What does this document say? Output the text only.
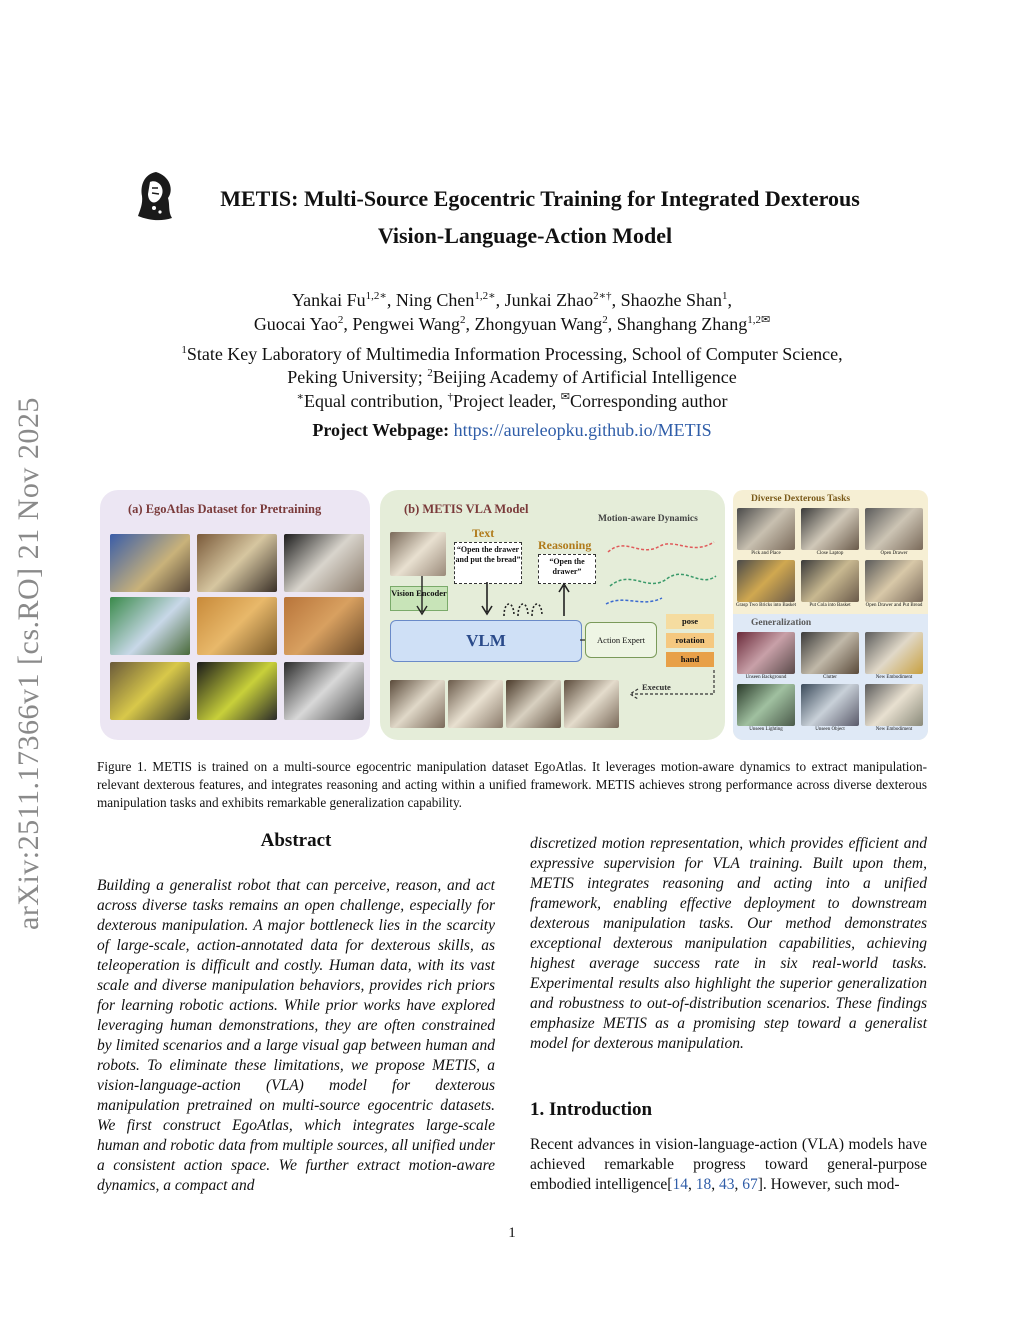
arXiv:2511.17366v1 [cs.RO] 21 Nov 2025
METIS: Multi-Source Egocentric Training for Integrated Dexterous
Vision-Language-Action Model
Yankai $Fu^{1,2∗}$, Ning Chen$^{1,2∗}$, Junkai Zhao$^{2∗\dagger}$, Shaozhe Shan$^1$,
Guocai Yao$^2$, Pengwei Wang$^2$, Zhongyuan Wang$^2$, Shanghang Zhang$^{1,2✉}$
$^1$State Key Laboratory of Multimedia Information Processing, School of Computer Science,
Peking University; $^2$Beijing Academy of Artificial Intelligence
∗Equal contribution, †Project leader, ✉Corresponding author
Project Webpage: https://aureleopku.github.io/METIS
(a) EgoAtlas Dataset for Pretraining	(b) METIS VLA Model
Motion-aware Dynamics
Text
“Open the drawer and put the bread”
Reasoning
“Open the drawer”
Vision Encoder
VLM	Action Expert
pose
rotation
hand
Execute
Diverse Dexterous Tasks
Pick and Place	Close Laptop	Open Drawer
Grasp Two Bricks into Basket	Put Cola into Basket	Open Drawer and Put Bread
Generalization
Unseen Background	Clutter	New Embodiment
Unseen Lighting	Unseen Object	New Embodiment
Figure 1. METIS is trained on a multi-source egocentric manipulation dataset EgoAtlas. It leverages motion-aware dynamics to extract manipulation-relevant dexterous features, and integrates reasoning and acting within a unified framework. METIS achieves strong performance across diverse dexterous manipulation tasks and exhibits remarkable generalization capability.
Abstract
Building a generalist robot that can perceive, reason, and act across diverse tasks remains an open challenge, especially for dexterous manipulation. A major bottleneck lies in the scarcity of large-scale, action-annotated data for dexterous skills, as teleoperation is difficult and costly. Human data, with its vast scale and diverse manipulation behaviors, provides rich priors for learning robotic actions. While prior works have explored leveraging human demonstrations, they are often constrained by limited scenarios and a large visual gap between human and robots. To eliminate these limitations, we propose METIS, a vision-language-action (VLA) model for dexterous manipulation pretrained on multi-source egocentric datasets. We first construct EgoAtlas, which integrates large-scale human and robotic data from multiple sources, all unified under a consistent action space. We further extract motion-aware dynamics, a compact and
discretized motion representation, which provides efficient and expressive supervision for VLA training. Built upon them, METIS integrates reasoning and acting into a unified framework, enabling effective deployment to downstream dexterous manipulation tasks. Our method demonstrates exceptional dexterous manipulation capabilities, achieving highest average success rate in six real-world tasks. Experimental results also highlight the superior generalization and robustness to out-of-distribution scenarios. These findings emphasize METIS as a promising step toward a generalist model for dexterous manipulation.
1. Introduction
Recent advances in vision-language-action (VLA) models have achieved remarkable progress toward general-purpose embodied intelligence[14, 18, 43, 67]. However, such mod-
1
